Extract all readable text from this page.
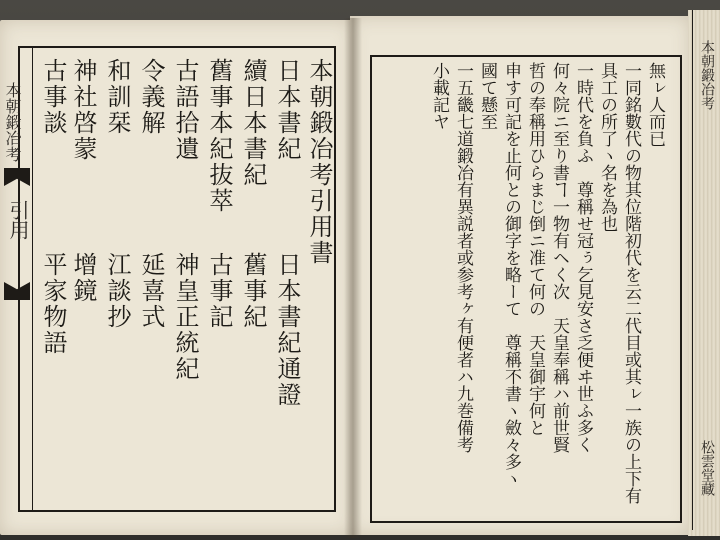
本朝鍛冶考
引用	本朝鍛冶考引用書
日本書紀
續日本書紀
舊事本紀抜萃
古語拾遺
令義解
和訓栞
神社啓蒙
古事談
日本書紀通證
舊事紀
古事記
神皇正統紀
延喜式
江談抄
增鏡
平家物語
無ㇾ人而已
一同銘數代の物其位階初代を云二代目或其ㇾ一族の上下有
具工の所了ヽ名を為也
一時代を負ふ　尊稱せ冠ぅ乞見安さ乏便ヰ世ふ多く
何々院ニ至り書ヿ一物有ヘく次　天皇奉稱ハ前世賢
哲の奉稱用ひらまじ倒ニ准て何の　天皇御宇何と
申す可記を止何との御字を略ーて　尊稱不書ヽ斂々多ヽ
國て懸至
一五畿七道鍛冶有異説者或参考ヶ有便者ハ九巻備考
小載記ヤ	本朝鍛冶考
松雲堂藏
